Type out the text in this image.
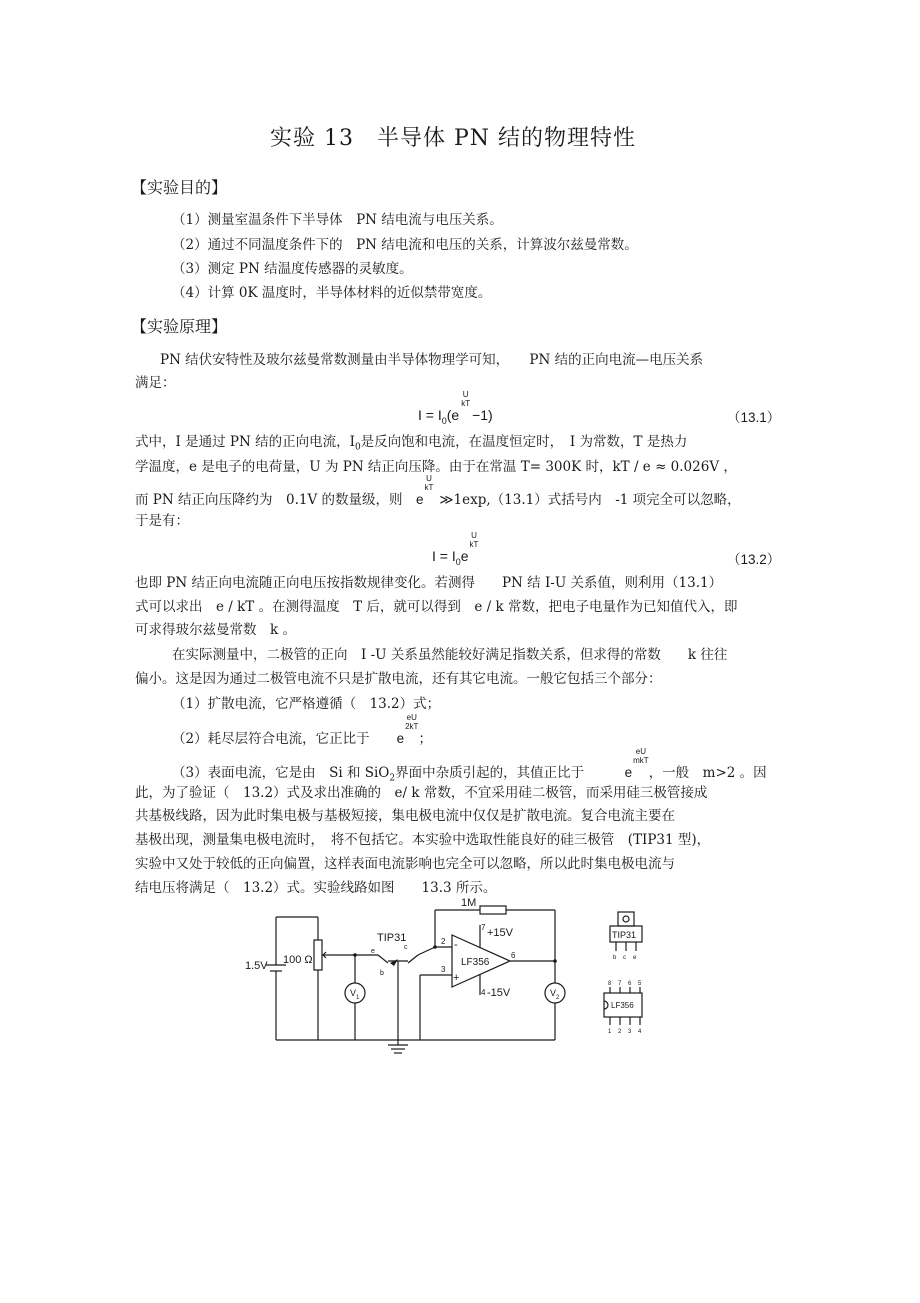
实验 13　半导体 PN 结的物理特性
【实验目的】
（1）测量室温条件下半导体　PN 结电流与电压关系。
（2）通过不同温度条件下的　PN 结电流和电压的关系，计算波尔兹曼常数。
（3）测定 PN 结温度传感器的灵敏度。
（4）计算 0K 温度时，半导体材料的近似禁带宽度。
【实验原理】
PN 结伏安特性及玻尔兹曼常数测量由半导体物理学可知，　　PN 结的正向电流—电压关系
满足：
$I = I_0(e$
U
kT
−1)	（13.1）
式中，I 是通过 PN 结的正向电流，$I_0$是反向饱和电流，在温度恒定时，　I 为常数，T 是热力
学温度，e 是电子的电荷量，U 为 PN 结正向压降。由于在常温 T= 300K 时，kT / e ≈ 0.026V ，
而 PN 结正向压降约为　0.1V 的数量级，则　 e
U
kT
≫1exp,（13.1）式括号内　-1 项完全可以忽略，
于是有：
$I = I_0e$
U
kT
（13.2）
也即 PN 结正向电流随正向电压按指数规律变化。若测得　　PN 结 I-U 关系值，则利用（13.1）
式可以求出　e / kT 。在测得温度　T 后，就可以得到　e / k 常数，把电子电量作为已知值代入，即
可求得玻尔兹曼常数　k 。
在实际测量中，二极管的正向　I -U 关系虽然能较好满足指数关系，但求得的常数　　k 往往
偏小。这是因为通过二极管电流不只是扩散电流，还有其它电流。一般它包括三个部分：
（1）扩散电流，它严格遵循（　13.2）式；
（2）耗尽层符合电流，它正比于　　 e
eU
2kT
；
（3）表面电流，它是由　Si 和 SiO$_2$界面中杂质引起的，其值正比于　　　	e
eU
mkT
，一般　m>2 。因
此，为了验证（　13.2）式及求出准确的　e/ k 常数，不宜采用硅二极管，而采用硅三极管接成
共基极线路，因为此时集电极与基极短接，集电极电流中仅仅是扩散电流。复合电流主要在
基极出现，测量集电极电流时，　将不包括它。本实验中选取性能良好的硅三极管　(TIP31 型)，
实验中又处于较低的正向偏置，这样表面电流影响也完全可以忽略，所以此时集电极电流与
结电压将满足（　13.2）式。实验线路如图　　13.3 所示。
1.5V 100 Ω
TIP31
e
c
b
1M
LF356
+15V
-15V
2
3
6
7
4
-
+
$V_1$	$V_2$
TIP31
b c e
LF356
8 7 6 5
1 2 3 4
